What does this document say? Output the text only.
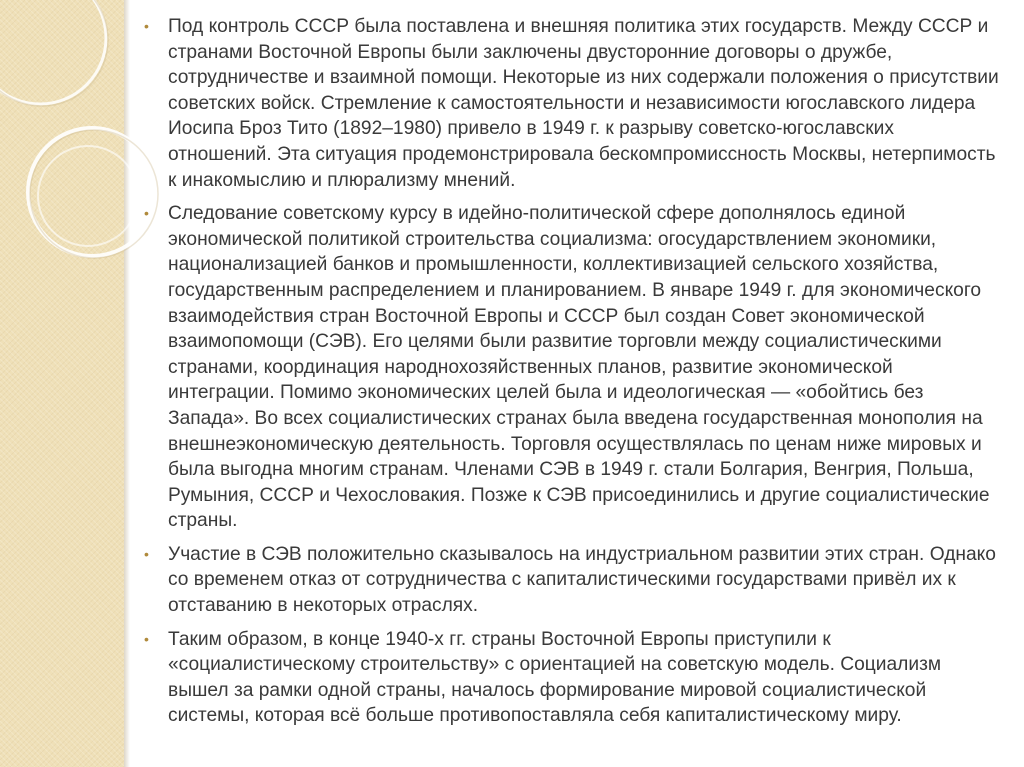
• Под контроль СССР была поставлена и внешняя политика этих государств. Между СССР и странами Восточной Европы были заключены двусторонние договоры о дружбе, сотрудничестве и взаимной помощи. Некоторые из них содержали положения о присутствии советских войск. Стремление к самостоятельности и независимости югославского лидера Иосипа Броз Тито (1892–1980) привело в 1949 г. к разрыву советско-югославских отношений. Эта ситуация продемонстрировала бескомпромиссность Москвы, нетерпимость к инакомыслию и плюрализму мнений.
• Следование советскому курсу в идейно-политической сфере дополнялось единой экономической политикой строительства социализма: огосударствлением экономики, национализацией банков и промышленности, коллективизацией сельского хозяйства, государственным распределением и планированием. В январе 1949 г. для экономического взаимодействия стран Восточной Европы и СССР был создан Совет экономической взаимопомощи (СЭВ). Его целями были развитие торговли между социалистическими странами, координация народнохозяйственных планов, развитие экономической интеграции. Помимо экономических целей была и идеологическая — «обойтись без Запада». Во всех социалистических странах была введена государственная монополия на внешнеэкономическую деятельность. Торговля осуществлялась по ценам ниже мировых и была выгодна многим странам. Членами СЭВ в 1949 г. стали Болгария, Венгрия, Польша, Румыния, СССР и Чехословакия. Позже к СЭВ присоединились и другие социалистические страны.
• Участие в СЭВ положительно сказывалось на индустриальном развитии этих стран. Однако со временем отказ от сотрудничества с капиталистическими государствами привёл их к отставанию в некоторых отраслях.
• Таким образом, в конце 1940-х гг. страны Восточной Европы приступили к «социалистическому строительству» с ориентацией на советскую модель. Социализм вышел за рамки одной страны, началось формирование мировой социалистической системы, которая всё больше противопоставляла себя капиталистическому миру.
